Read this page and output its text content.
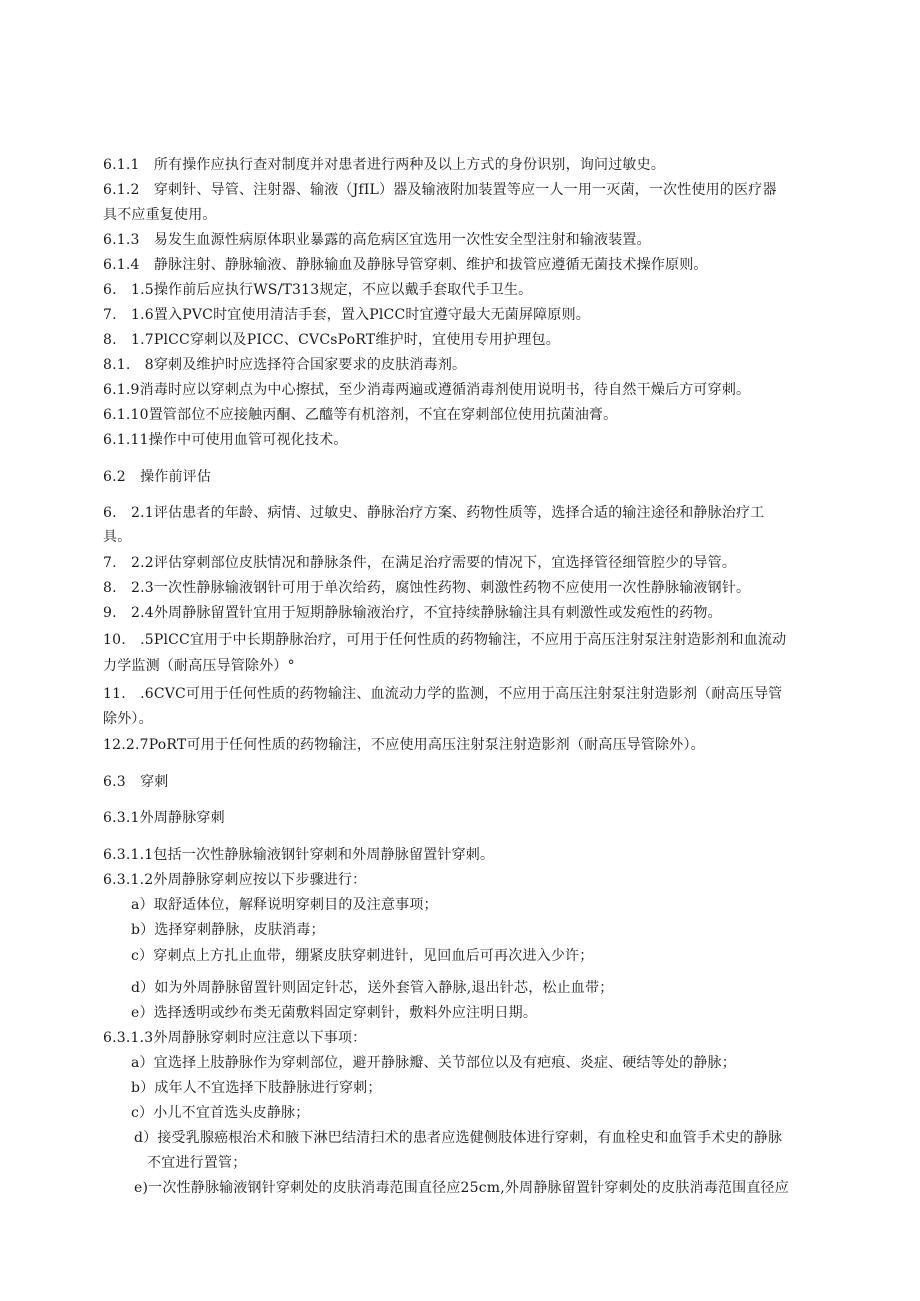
6.1.1　所有操作应执行查对制度并对患者进行两种及以上方式的身份识别，询问过敏史。
6.1.2　穿刺针、导管、注射器、输液（JfIL）器及输液附加装置等应一人一用一灭菌，一次性使用的医疗器
具不应重复使用。
6.1.3　易发生血源性病原体职业暴露的高危病区宜选用一次性安全型注射和输液装置。
6.1.4　静脉注射、静脉输液、静脉输血及静脉导管穿刺、维护和拔管应遵循无菌技术操作原则。
6.　1.5操作前后应执行WS/T313规定，不应以戴手套取代手卫生。
7.　1.6置入PVC时宜使用清洁手套，置入PlCC时宜遵守最大无菌屏障原则。
8.　1.7PlCC穿刺以及PICC、CVCsPoRT维护时，宜使用专用护理包。
8.1.　8穿刺及维护时应选择符合国家要求的皮肤消毒剂。
6.1.9消毒时应以穿刺点为中心擦拭，至少消毒两遍或遵循消毒剂使用说明书，待自然干燥后方可穿刺。
6.1.10置管部位不应接触丙酮、乙醯等有机溶剂，不宜在穿刺部位使用抗菌油膏。
6.1.11操作中可使用血管可视化技术。
6.2　操作前评估
6.　2.1评估患者的年龄、病情、过敏史、静脉治疗方案、药物性质等，选择合适的输注途径和静脉治疗工
具。
7.　2.2评估穿刺部位皮肤情况和静脉条件，在满足治疗需要的情况下，宜选择管径细管腔少的导管。
8.　2.3一次性静脉输液钢针可用于单次给药，腐蚀性药物、刺激性药物不应使用一次性静脉输液钢针。
9.　2.4外周静脉留置针宜用于短期静脉输液治疗，不宜持续静脉输注具有刺激性或发疱性的药物。
10.　.5PlCC宜用于中长期静脉治疗，可用于任何性质的药物输注，不应用于高压注射泵注射造影剂和血流动
力学监测（耐高压导管除外）°
11.　.6CVC可用于任何性质的药物输注、血流动力学的监测，不应用于高压注射泵注射造影剂（耐高压导管
除外）。
12.2.7PoRT可用于任何性质的药物输注，不应使用高压注射泵注射造影剂（耐高压导管除外）。
6.3　穿刺
6.3.1外周静脉穿刺
6.3.1.1包括一次性静脉输液钢针穿刺和外周静脉留置针穿刺。
6.3.1.2外周静脉穿刺应按以下步骤进行：
a）取舒适体位，解释说明穿刺目的及注意事项；
b）选择穿刺静脉，皮肤消毒；
c）穿刺点上方扎止血带，绷紧皮肤穿刺进针，见回血后可再次进入少许；
d）如为外周静脉留置针则固定针芯，送外套管入静脉,退出针芯，松止血带；
e）选择透明或纱布类无菌敷料固定穿刺针，敷料外应注明日期。
6.3.1.3外周静脉穿刺时应注意以下事项：
a）宜选择上肢静脉作为穿刺部位，避开静脉瓣、关节部位以及有疤痕、炎症、硬结等处的静脉；
b）成年人不宜选择下肢静脉进行穿刺；
c）小儿不宜首选头皮静脉；
d）接受乳腺癌根治术和腋下淋巴结清扫术的患者应选健侧肢体进行穿刺，有血栓史和血管手术史的静脉
不宜进行置管；
e)一次性静脉输液钢针穿刺处的皮肤消毒范围直径应25cm,外周静脉留置针穿刺处的皮肤消毒范围直径应
